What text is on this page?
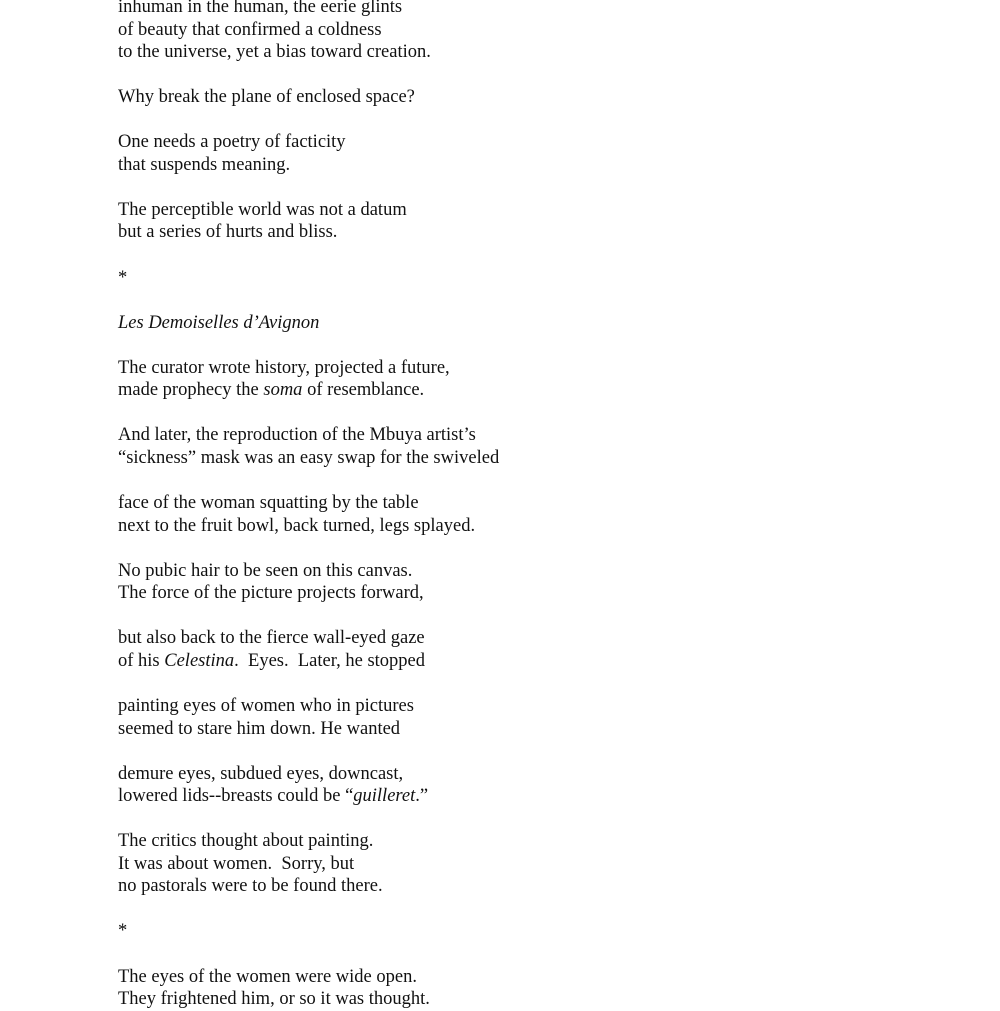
inhuman in the human, the eerie glints
of beauty that confirmed a coldness
to the universe, yet a bias toward creation.
Why break the plane of enclosed space?
One needs a poetry of facticity
that suspends meaning.
The perceptible world was not a datum
but a series of hurts and bliss.
*
Les Demoiselles d’Avignon
The curator wrote history, projected a future,
made prophecy the soma of resemblance.
And later, the reproduction of the Mbuya artist’s
“sickness” mask was an easy swap for the swiveled
face of the woman squatting by the table
next to the fruit bowl, back turned, legs splayed.
No pubic hair to be seen on this canvas.
The force of the picture projects forward,
but also back to the fierce wall-eyed gaze
of his Celestina.  Eyes.  Later, he stopped
painting eyes of women who in pictures
seemed to stare him down. He wanted
demure eyes, subdued eyes, downcast,
lowered lids--breasts could be “guilleret.”
The critics thought about painting.
It was about women.  Sorry, but
no pastorals were to be found there.
*
The eyes of the women were wide open.
They frightened him, or so it was thought.
